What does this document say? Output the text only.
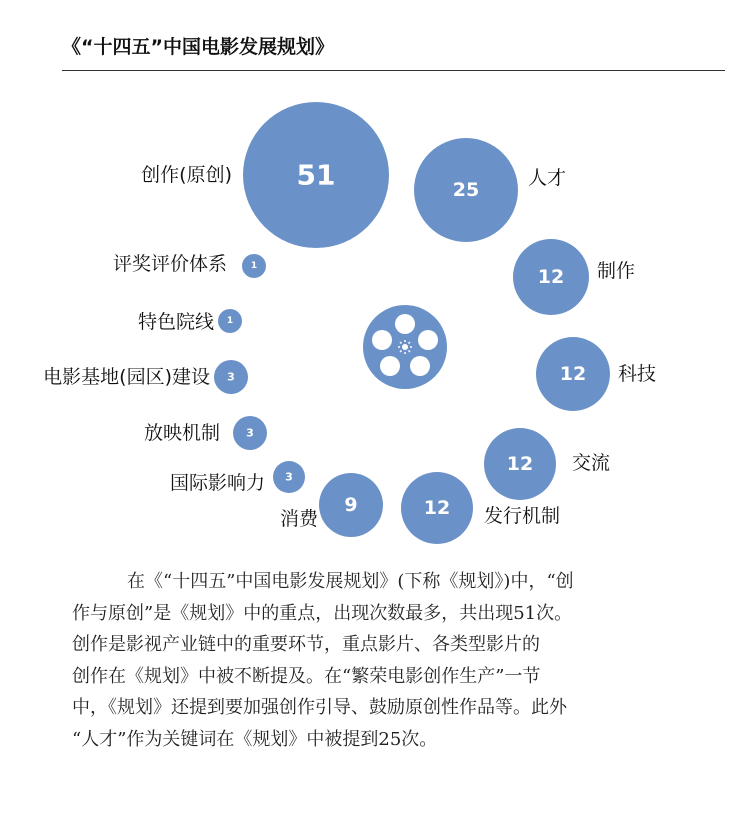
《“十四五”中国电影发展规划》
51
创作(原创)
25
人才
12 制作
12 科技
12 交流
12 发行机制
9
消费
3
国际影响力
3
放映机制
3
电影基地(园区)建设
1
特色院线
1
评奖评价体系
在《“十四五”中国电影发展规划》(下称《规划》)中，“创
作与原创”是《规划》中的重点，出现次数最多，共出现51次。
创作是影视产业链中的重要环节，重点影片、各类型影片的
创作在《规划》中被不断提及。在“繁荣电影创作生产”一节
中，《规划》还提到要加强创作引导、鼓励原创性作品等。此外
“人才”作为关键词在《规划》中被提到25次。
